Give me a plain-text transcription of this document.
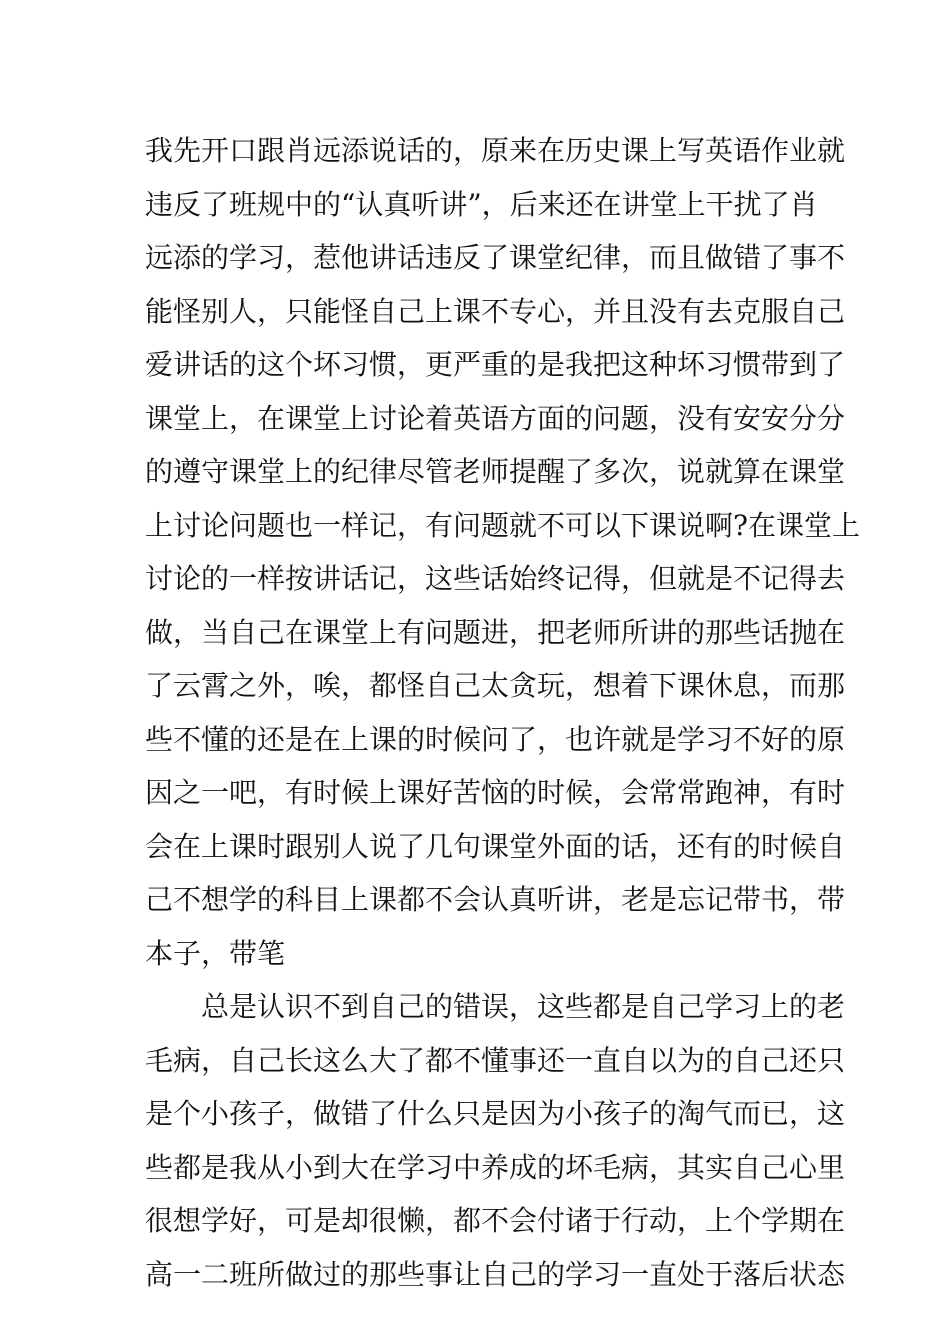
我先开口跟肖远添说话的，原来在历史课上写英语作业就
违反了班规中的“认真听讲”，后来还在讲堂上干扰了肖
远添的学习，惹他讲话违反了课堂纪律，而且做错了事不
能怪别人，只能怪自己上课不专心，并且没有去克服自己
爱讲话的这个坏习惯，更严重的是我把这种坏习惯带到了
课堂上，在课堂上讨论着英语方面的问题，没有安安分分
的遵守课堂上的纪律尽管老师提醒了多次，说就算在课堂
上讨论问题也一样记，有问题就不可以下课说啊?在课堂上
讨论的一样按讲话记，这些话始终记得，但就是不记得去
做，当自己在课堂上有问题进，把老师所讲的那些话抛在
了云霄之外，唉，都怪自己太贪玩，想着下课休息，而那
些不懂的还是在上课的时候问了，也许就是学习不好的原
因之一吧，有时候上课好苦恼的时候，会常常跑神，有时
会在上课时跟别人说了几句课堂外面的话，还有的时候自
己不想学的科目上课都不会认真听讲，老是忘记带书，带
本子，带笔
总是认识不到自己的错误，这些都是自己学习上的老
毛病，自己长这么大了都不懂事还一直自以为的自己还只
是个小孩子，做错了什么只是因为小孩子的淘气而已，这
些都是我从小到大在学习中养成的坏毛病，其实自己心里
很想学好，可是却很懒，都不会付诸于行动，上个学期在
高一二班所做过的那些事让自己的学习一直处于落后状态
